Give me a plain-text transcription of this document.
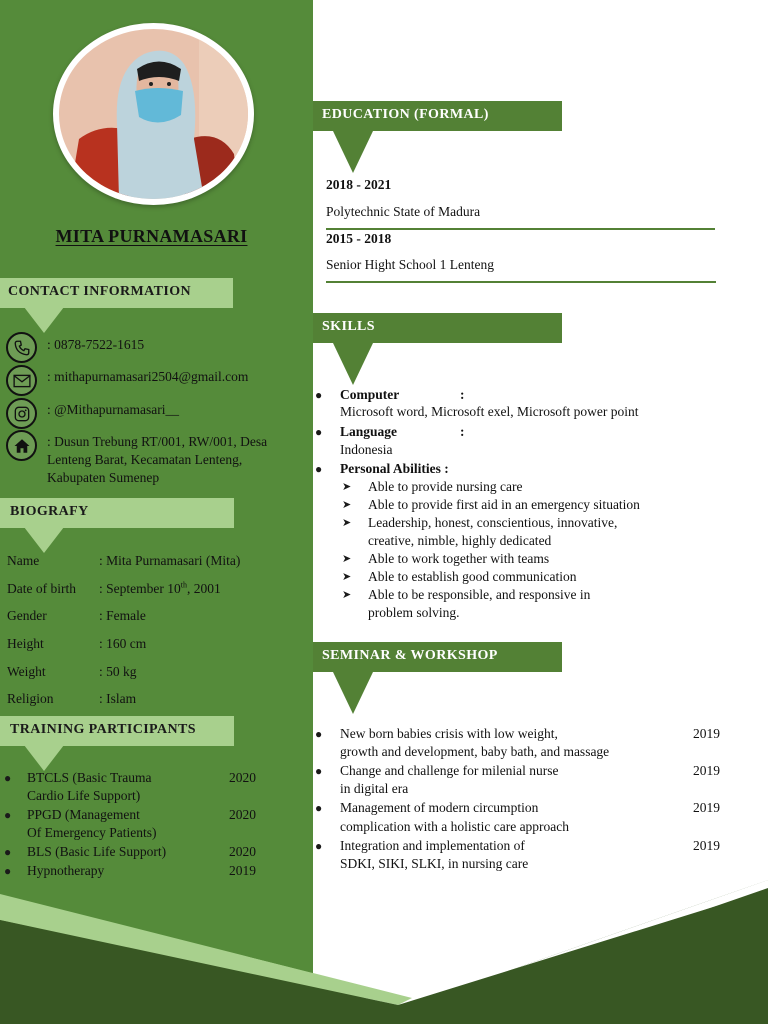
MITA PURNAMASARI
CONTACT INFORMATION
: 0878-7522-1615
: mithapurnamasari2504@gmail.com
: @Mithapurnamasari__
: Dusun Trebung RT/001, RW/001, Desa
Lenteng Barat, Kecamatan Lenteng,
Kabupaten Sumenep
BIOGRAFY
Name	: Mita Purnamasari (Mita)
Date of birth : September 10th, 2001
Gender	: Female
Height	: 160 cm
Weight	: 50 kg
Religion	: Islam
TRAINING PARTICIPANTS
● BTCLS (Basic Trauma
Cardio Life Support)
2020
● PPGD (Management
Of Emergency Patients)
2020
● BLS (Basic Life Support)	2020
● Hypnotherapy	2019
EDUCATION (FORMAL)
2018 - 2021
Polytechnic State of Madura
2015 - 2018
Senior Hight School 1 Lenteng
SKILLS
● Computer	:
Microsoft word, Microsoft exel, Microsoft power point
● Language	:
Indonesia
● Personal Abilities :
➤ Able to provide nursing care
➤ Able to provide first aid in an emergency situation
➤ Leadership, honest, conscientious, innovative,
creative, nimble, highly dedicated
➤ Able to work together with teams
➤ Able to establish good communication
➤ Able to be responsible, and responsive in
problem solving.
SEMINAR & WORKSHOP
● New born babies crisis with low weight,
growth and development, baby bath, and massage
2019
● Change and challenge for milenial nurse
in digital era
2019
● Management of modern circumption
complication with a holistic care approach
2019
● Integration and implementation of
SDKI, SIKI, SLKI, in nursing care
2019
